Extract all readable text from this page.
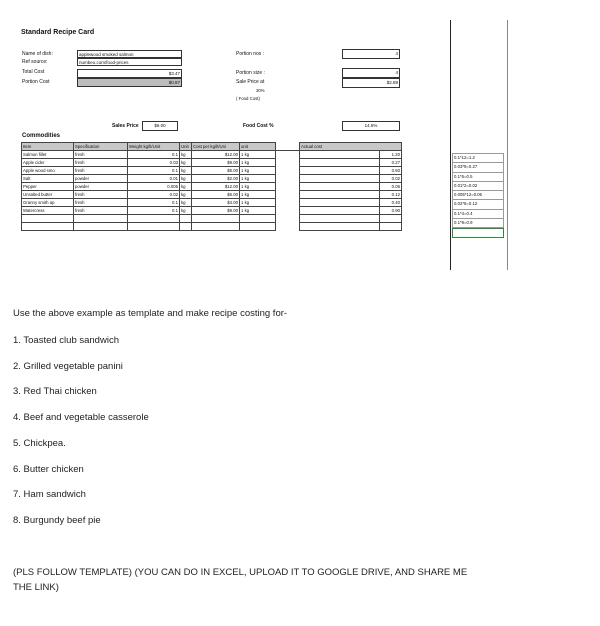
Standard Recipe Card
Name of dish:	applewood smoked salmon
Ref source:	numbeo.com/food-prices
Total Cost	$3.47
Portion Cost	$0.87
Portion nos :	4
Portion size :	4
Sale Price at	$2.89
30%
( Food Cost)
Sales Price	$6.00	Food Cost %	14.5%
Commodities
Item	Specification	Weight kg/lt/Unit	Unit	Cost per kg/lt/Uni	unit		Actual cost	
Salmon fillet	fresh	0.1	kg	$12.00	1 kg			1.20
Apple cider	fresh	0.03	kg	$9.00	1 kg			0.27
Apple wood smo	fresh	0.1	kg	$5.00	1 kg			0.50
Salt	powder	0.01	kg	$2.00	1 kg			0.02
Pepper	powder	0.005	kg	$12.00	1 kg			0.06
Unsalted butter	fresh	0.02	kg	$6.00	1 kg			0.12
Granny smith ap	fresh	0.1	kg	$4.00	1 kg			0.40
Watercress	fresh	0.1	kg	$9.00	1 kg			0.90

0.1*12=1.2
0.03*9=0.27
0.1*5=0.5
0.01*2=0.02
0.005*12=0.06
0.02*6=0.12
0.1*4=0.4
0.1*9=0.9
Use the above example as template and make recipe costing for-
1. Toasted club sandwich
2. Grilled vegetable panini
3. Red Thai chicken
4. Beef and vegetable casserole
5. Chickpea.
6. Butter chicken
7. Ham sandwich
8. Burgundy beef pie
(PLS FOLLOW TEMPLATE) (YOU CAN DO IN EXCEL, UPLOAD IT TO GOOGLE DRIVE, AND SHARE ME
THE LINK)
